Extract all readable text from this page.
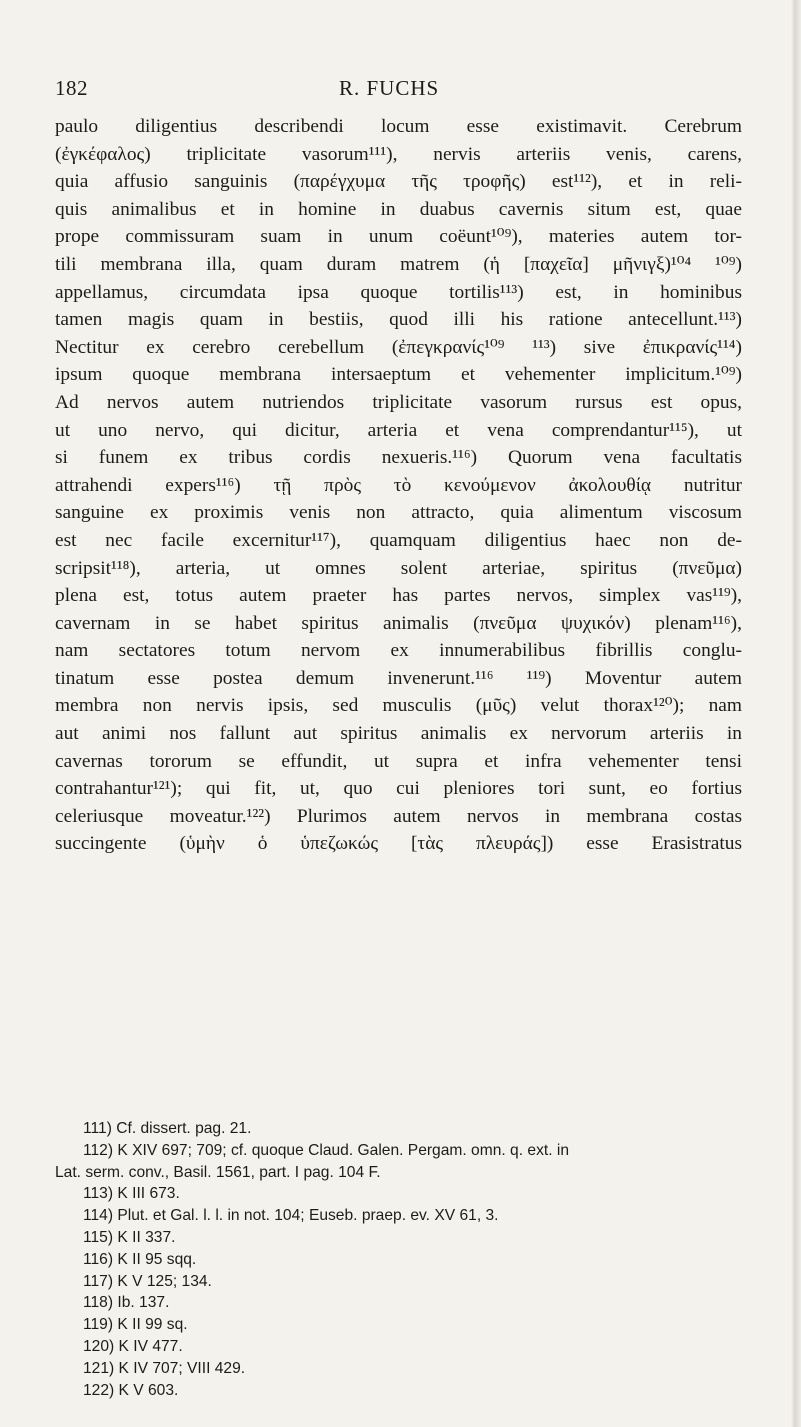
182	R. FUCHS
paulo diligentius describendi locum esse existimavit. Cerebrum
(ἐγκέφαλος) triplicitate vasorum¹¹¹), nervis arteriis venis, carens,
quia affusio sanguinis (παρέγχυμα τῆς τροφῆς) est¹¹²), et in reli-
quis animalibus et in homine in duabus cavernis situm est, quae
prope commissuram suam in unum coëunt¹⁰⁹), materies autem tor-
tili membrana illa, quam duram matrem (ἡ [παχεῖα] μῆνιγξ)¹⁰⁴ ¹⁰⁹)
appellamus, circumdata ipsa quoque tortilis¹¹³) est, in hominibus
tamen magis quam in bestiis, quod illi his ratione antecellunt.¹¹³)
Nectitur ex cerebro cerebellum (ἐπεγκρανίς¹⁰⁹ ¹¹³) sive ἐπικρανίς¹¹⁴)
ipsum quoque membrana intersaeptum et vehementer implicitum.¹⁰⁹)
Ad nervos autem nutriendos triplicitate vasorum rursus est opus,
ut uno nervo, qui dicitur, arteria et vena comprendantur¹¹⁵), ut
si funem ex tribus cordis nexueris.¹¹⁶) Quorum vena facultatis
attrahendi expers¹¹⁶) τῇ πρὸς τὸ κενούμενον ἀκολουθίᾳ nutritur
sanguine ex proximis venis non attracto, quia alimentum viscosum
est nec facile excernitur¹¹⁷), quamquam diligentius haec non de-
scripsit¹¹⁸), arteria, ut omnes solent arteriae, spiritus (πνεῦμα)
plena est, totus autem praeter has partes nervos, simplex vas¹¹⁹),
cavernam in se habet spiritus animalis (πνεῦμα ψυχικόν) plenam¹¹⁶),
nam sectatores totum nervom ex innumerabilibus fibrillis conglu-
tinatum esse postea demum invenerunt.¹¹⁶ ¹¹⁹) Moventur autem
membra non nervis ipsis, sed musculis (μῦς) velut thorax¹²⁰); nam
aut animi nos fallunt aut spiritus animalis ex nervorum arteriis in
cavernas tororum se effundit, ut supra et infra vehementer tensi
contrahantur¹²¹); qui fit, ut, quo cui pleniores tori sunt, eo fortius
celeriusque moveatur.¹²²) Plurimos autem nervos in membrana costas
succingente (ὑμὴν ὁ ὑπεζωκώς [τὰς πλευράς]) esse Erasistratus
111) Cf. dissert. pag. 21.
112) K XIV 697; 709; cf. quoque Claud. Galen. Pergam. omn. q. ext. in
Lat. serm. conv., Basil. 1561, part. I pag. 104 F.
113) K III 673.
114) Plut. et Gal. l. l. in not. 104; Euseb. praep. ev. XV 61, 3.
115) K II 337.
116) K II 95 sqq.
117) K V 125; 134.
118) Ib. 137.
119) K II 99 sq.
120) K IV 477.
121) K IV 707; VIII 429.
122) K V 603.
